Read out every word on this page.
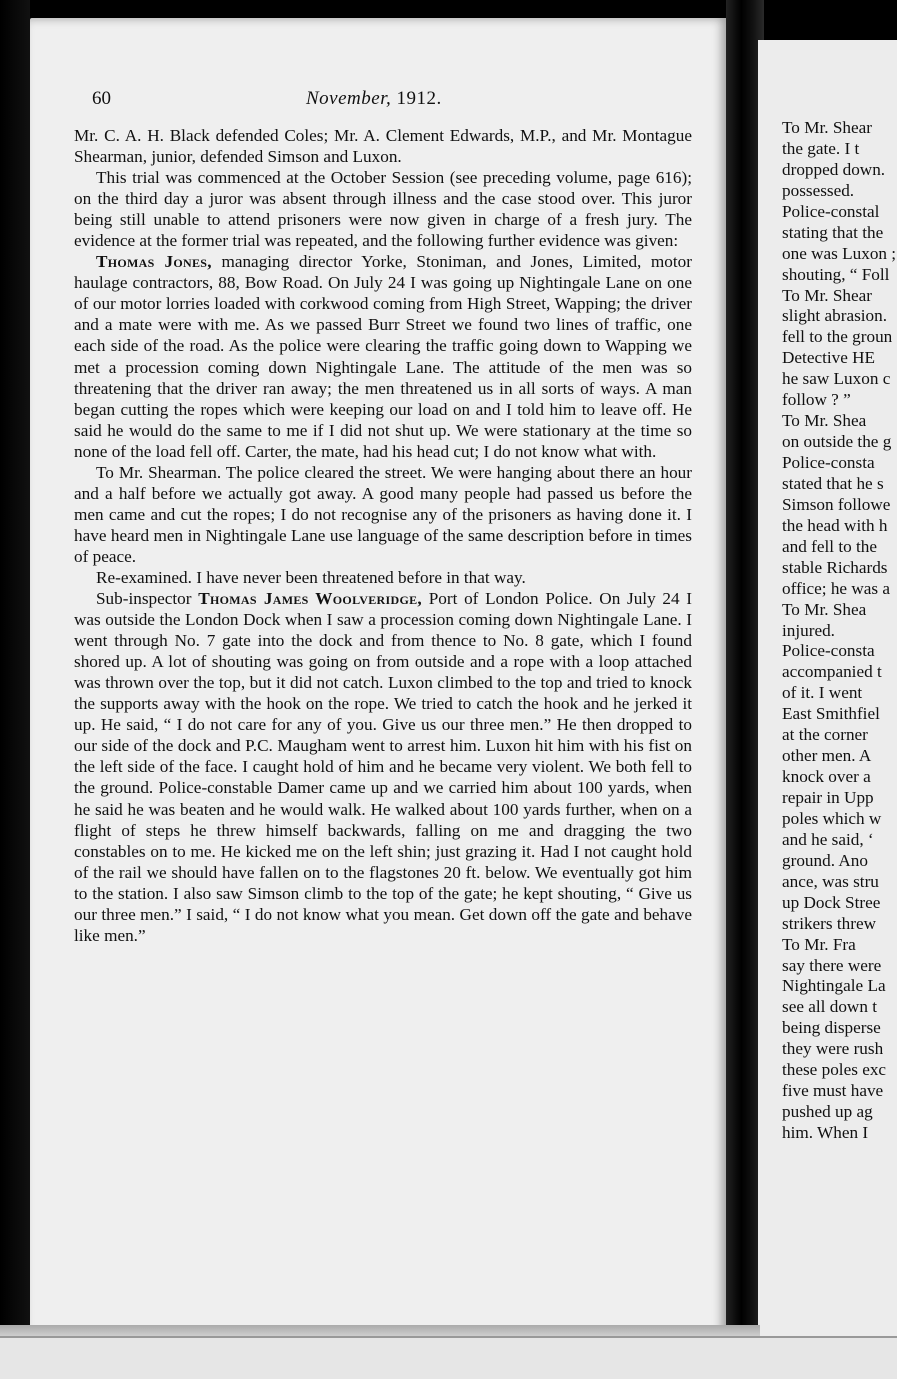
60	November, 1912.

Mr. C. A. H. Black defended Coles; Mr. A. Clement Edwards, M.P., and Mr. Montague Shearman, junior, defended Simson and Luxon.

This trial was commenced at the October Session (see preceding volume, page 616); on the third day a juror was absent through illness and the case stood over. This juror being still unable to attend prisoners were now given in charge of a fresh jury. The evidence at the former trial was repeated, and the following further evidence was given:

Thomas Jones, managing director Yorke, Stoniman, and Jones, Limited, motor haulage contractors, 88, Bow Road. On July 24 I was going up Nightingale Lane on one of our motor lorries loaded with corkwood coming from High Street, Wapping; the driver and a mate were with me. As we passed Burr Street we found two lines of traffic, one each side of the road. As the police were clearing the traffic going down to Wapping we met a procession coming down Nightingale Lane. The attitude of the men was so threatening that the driver ran away; the men threatened us in all sorts of ways. A man began cutting the ropes which were keeping our load on and I told him to leave off. He said he would do the same to me if I did not shut up. We were stationary at the time so none of the load fell off. Carter, the mate, had his head cut; I do not know what with.

To Mr. Shearman. The police cleared the street. We were hanging about there an hour and a half before we actually got away. A good many people had passed us before the men came and cut the ropes; I do not recognise any of the prisoners as having done it. I have heard men in Nightingale Lane use language of the same description before in times of peace.

Re-examined. I have never been threatened before in that way.

Sub-inspector Thomas James Woolveridge, Port of London Police. On July 24 I was outside the London Dock when I saw a procession coming down Nightingale Lane. I went through No. 7 gate into the dock and from thence to No. 8 gate, which I found shored up. A lot of shouting was going on from outside and a rope with a loop attached was thrown over the top, but it did not catch. Luxon climbed to the top and tried to knock the supports away with the hook on the rope. We tried to catch the hook and he jerked it up. He said, “ I do not care for any of you. Give us our three men.” He then dropped to our side of the dock and P.C. Maugham went to arrest him. Luxon hit him with his fist on the left side of the face. I caught hold of him and he became very violent. We both fell to the ground. Police-constable Damer came up and we carried him about 100 yards, when he said he was beaten and he would walk. He walked about 100 yards further, when on a flight of steps he threw himself backwards, falling on me and dragging the two constables on to me. He kicked me on the left shin; just grazing it. Had I not caught hold of the rail we should have fallen on to the flagstones 20 ft. below. We eventually got him to the station. I also saw Simson climb to the top of the gate; he kept shouting, “ Give us our three men.” I said, “ I do not know what you mean. Get down off the gate and behave like men.”

To Mr. Shear
the gate. I t
dropped down.
possessed.
Police-constal
stating that the
one was Luxon ;
shouting, “ Foll
To Mr. Shear
slight abrasion.
fell to the groun
Detective HE
he saw Luxon c
follow ? ”
To Mr. Shea
on outside the g
Police-consta
stated that he s
Simson followe
the head with h
and fell to the
stable Richards
office; he was a
To Mr. Shea
injured.
Police-consta
accompanied t
of it. I went
East Smithfiel
at the corner
other men. A
knock over a
repair in Upp
poles which w
and he said, ‘
ground. Ano
ance, was stru
up Dock Stree
strikers threw
To Mr. Fra
say there were
Nightingale La
see all down t
being disperse
they were rush
these poles exc
five must have
pushed up ag
him. When I
